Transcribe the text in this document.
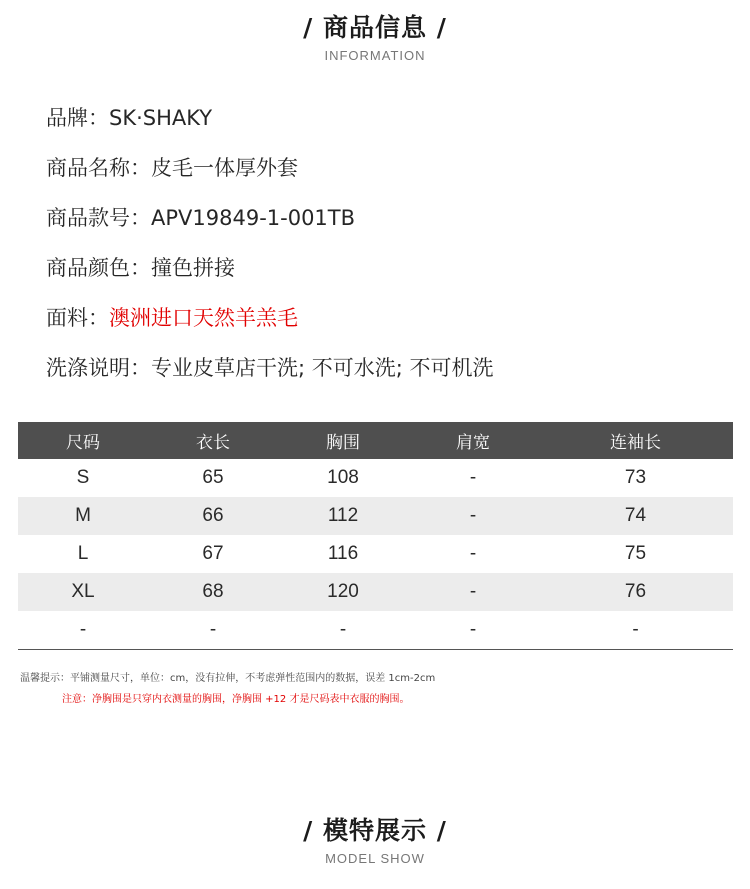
/ 商品信息 /
INFORMATION
品牌：SK·SHAKY
商品名称：皮毛一体厚外套
商品款号：APV19849-1-001TB
商品颜色：撞色拼接
面料：澳洲进口天然羊羔毛
洗涤说明：专业皮草店干洗; 不可水洗; 不可机洗
尺码	衣长	胸围	肩宽	连袖长
S	65	108	-	73
M	66	112	-	74
L	67	116	-	75
XL	68	120	-	76
-	-	-	-	-
温馨提示：平铺测量尺寸，单位：cm，没有拉伸，不考虑弹性范围内的数据，误差 1cm-2cm
注意：净胸围是只穿内衣测量的胸围，净胸围 +12 才是尺码表中衣服的胸围。
/ 模特展示 /
MODEL SHOW
